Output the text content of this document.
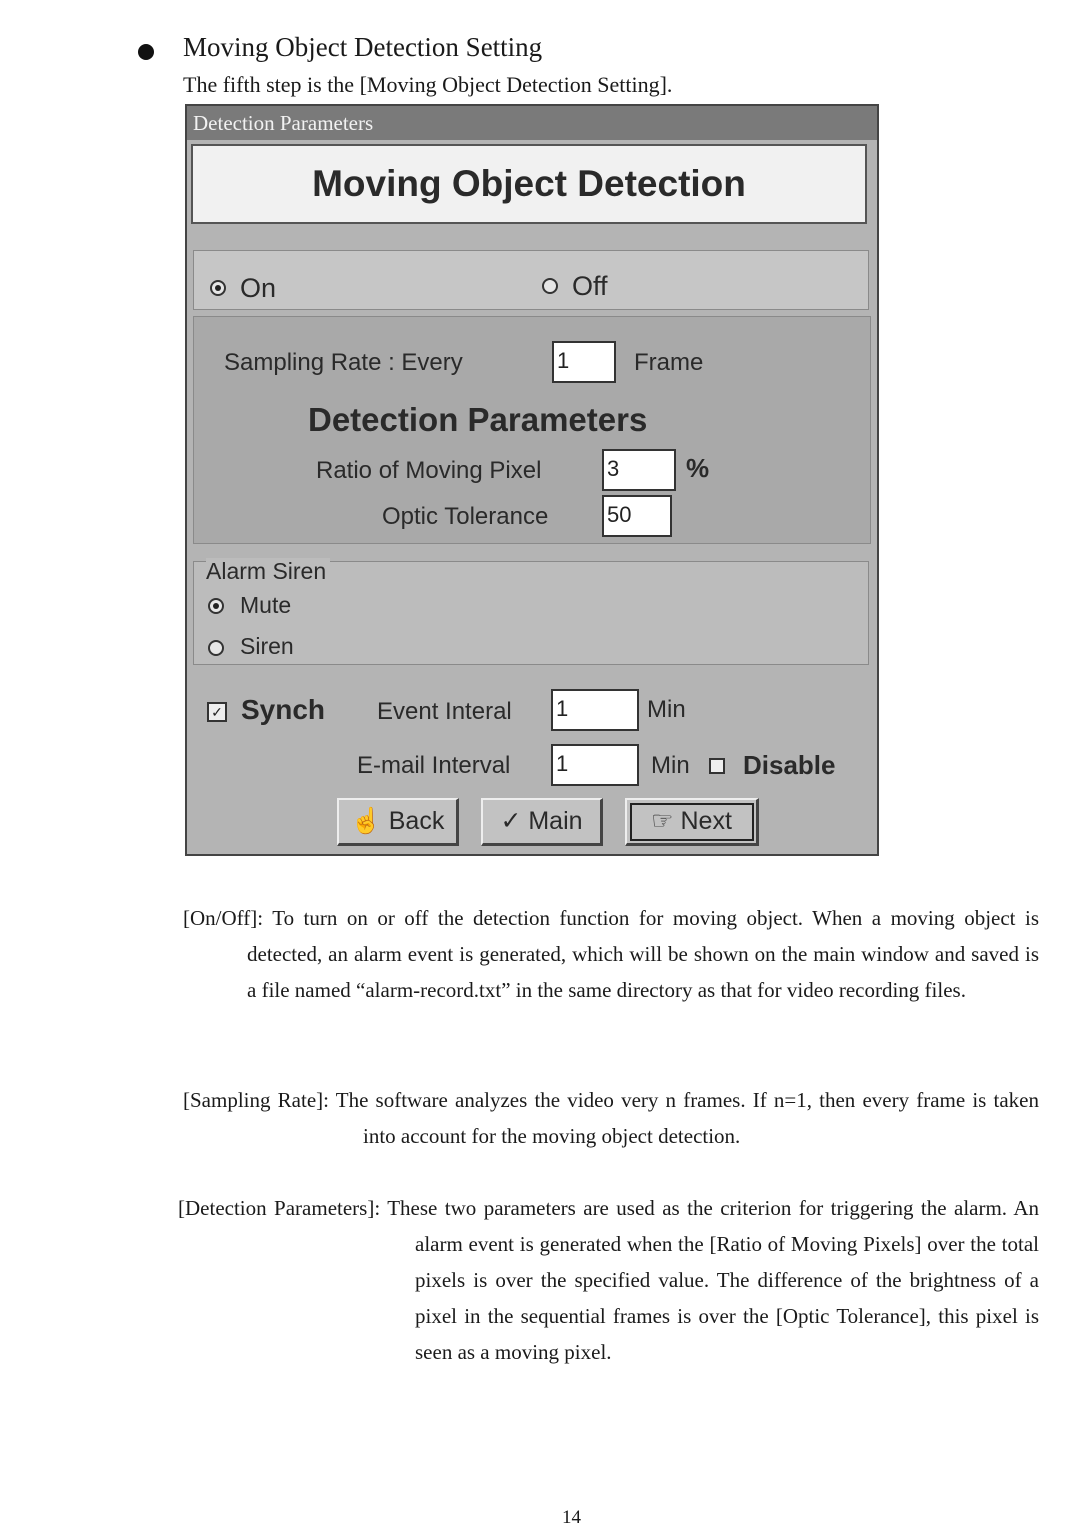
Moving Object Detection Setting
The fifth step is the [Moving Object Detection Setting].
Detection Parameters
Moving Object Detection
On	Off
Sampling Rate : Every	1	Frame
Detection Parameters
Ratio of Moving Pixel	3	%
Optic Tolerance	50
Alarm Siren
Mute
Siren
✓ Synch Event Interal 1	Min
E-mail Interval 1	Min Disable
☝ Back	✓ Main	☞ Next
[On/Off]: To turn on or off the detection function for moving object. When a moving object is detected, an alarm event is generated, which will be shown on the main window and saved is a file named “alarm-record.txt” in the same directory as that for video recording files.
[Sampling Rate]: The software analyzes the video very n frames. If n=1, then every frame is taken into account for the moving object detection.
[Detection Parameters]: These two parameters are used as the criterion for triggering the alarm. An alarm event is generated when the [Ratio of Moving Pixels] over the total pixels is over the specified value. The difference of the brightness of a pixel in the sequential frames is over the [Optic Tolerance], this pixel is seen as a moving pixel.
14
